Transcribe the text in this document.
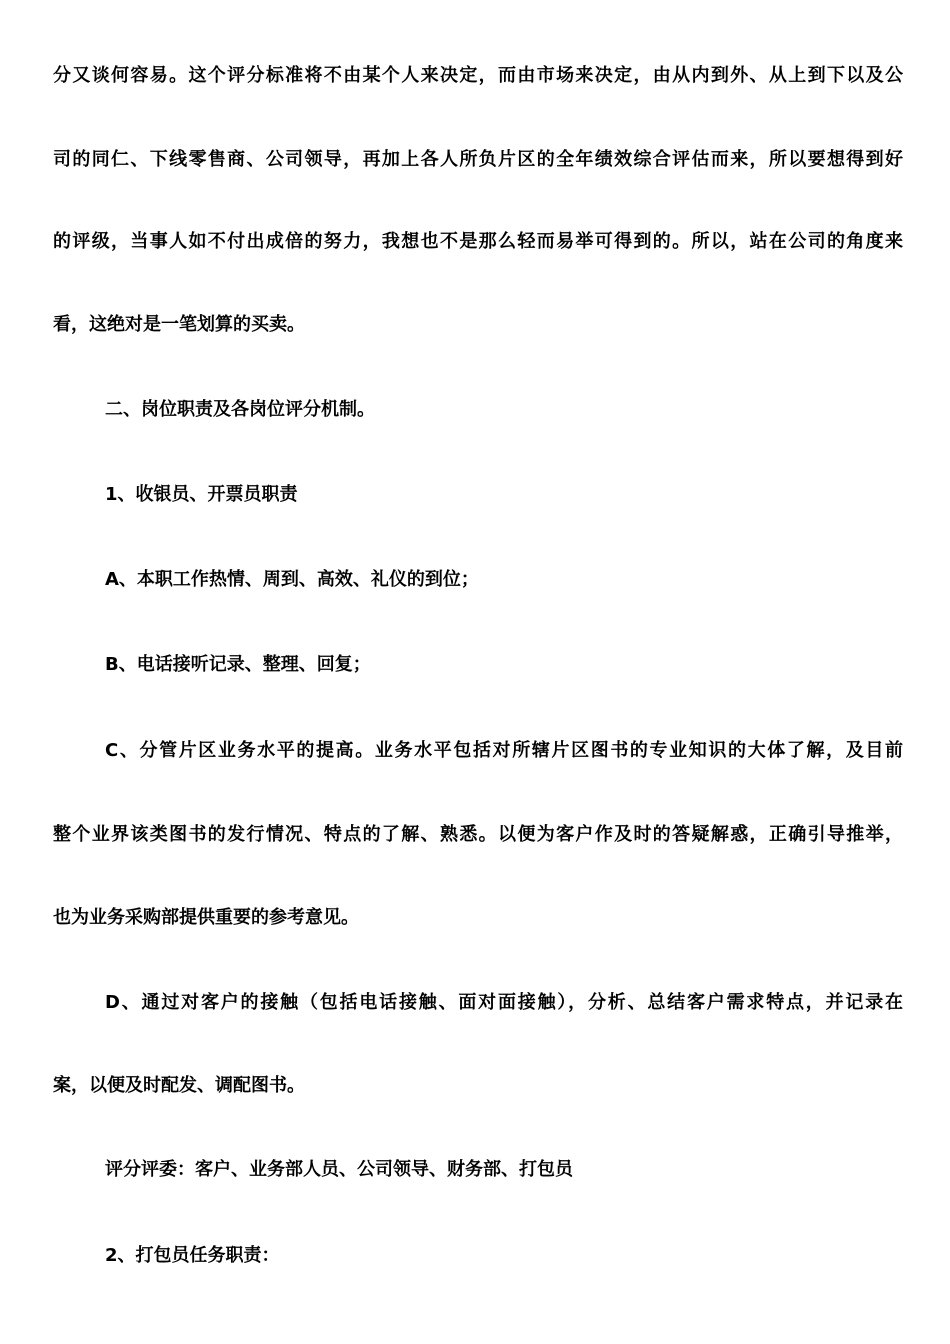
分又谈何容易。这个评分标准将不由某个人来决定，而由市场来决定，由从内到外、从上到下以及公

司的同仁、下线零售商、公司领导，再加上各人所负片区的全年绩效综合评估而来，所以要想得到好

的评级，当事人如不付出成倍的努力，我想也不是那么轻而易举可得到的。所以，站在公司的角度来

看，这绝对是一笔划算的买卖。

二、岗位职责及各岗位评分机制。

1、收银员、开票员职责

A、本职工作热情、周到、高效、礼仪的到位；

B、电话接听记录、整理、回复；

C、分管片区业务水平的提高。业务水平包括对所辖片区图书的专业知识的大体了解，及目前

整个业界该类图书的发行情况、特点的了解、熟悉。以便为客户作及时的答疑解惑，正确引导推举，

也为业务采购部提供重要的参考意见。

D、通过对客户的接触（包括电话接触、面对面接触），分析、总结客户需求特点，并记录在

案，以便及时配发、调配图书。

评分评委：客户、业务部人员、公司领导、财务部、打包员

2、打包员任务职责：
